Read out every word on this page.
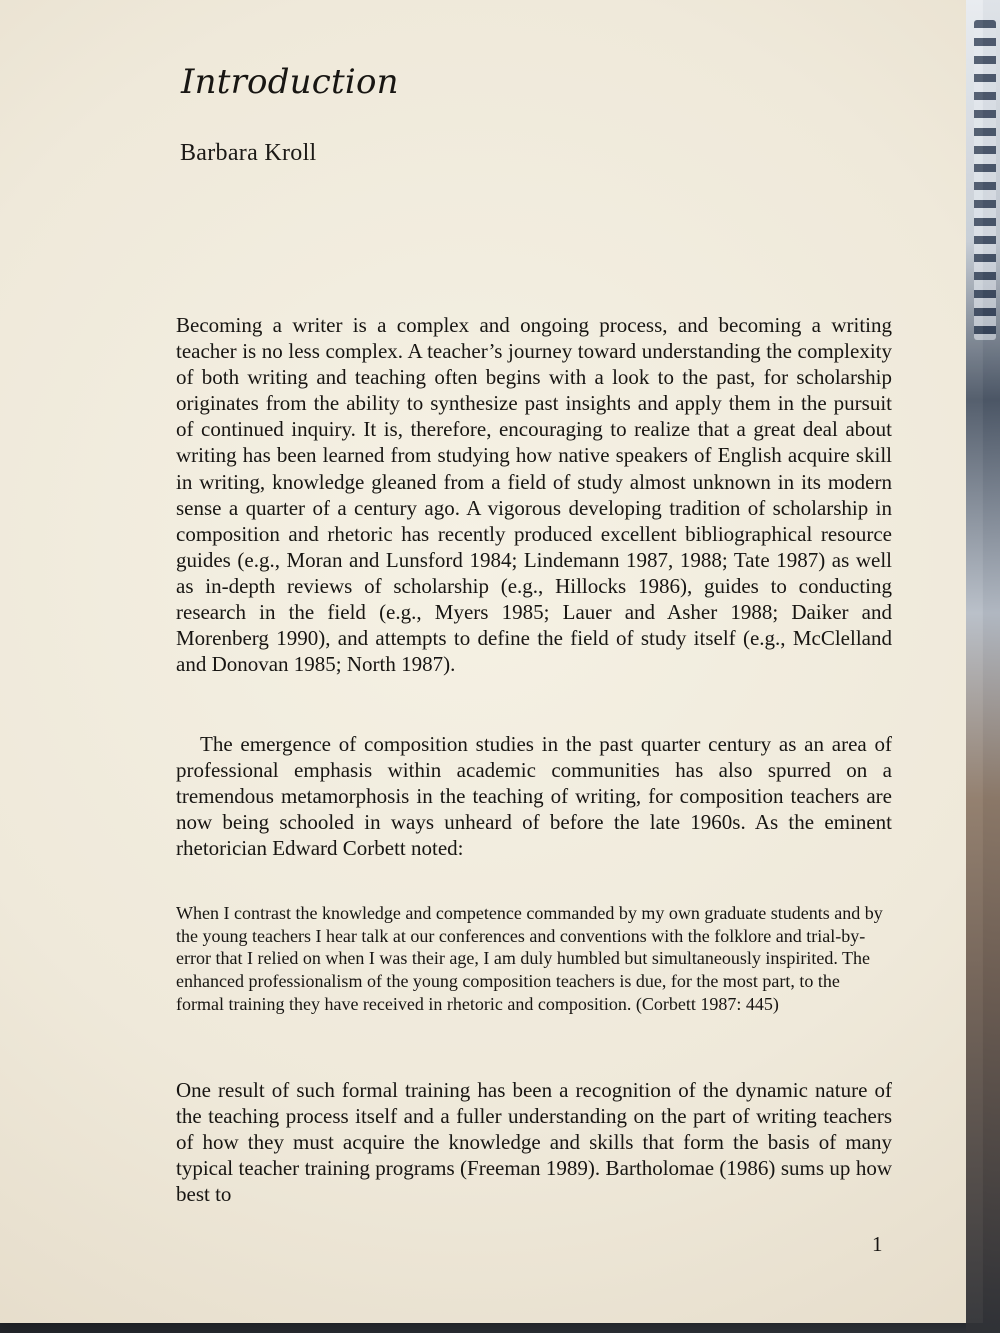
Introduction

Barbara Kroll

Becoming a writer is a complex and ongoing process, and becoming a writing teacher is no less complex. A teacher’s journey toward understanding the complexity of both writing and teaching often begins with a look to the past, for scholarship originates from the ability to synthesize past insights and apply them in the pursuit of continued inquiry. It is, therefore, encouraging to realize that a great deal about writing has been learned from studying how native speakers of English acquire skill in writing, knowledge gleaned from a field of study almost unknown in its modern sense a quarter of a century ago. A vigorous developing tradition of scholarship in composition and rhetoric has recently produced excellent bibliographical resource guides (e.g., Moran and Lunsford 1984; Lindemann 1987, 1988; Tate 1987) as well as in-depth reviews of scholarship (e.g., Hillocks 1986), guides to conducting research in the field (e.g., Myers 1985; Lauer and Asher 1988; Daiker and Morenberg 1990), and attempts to define the field of study itself (e.g., McClelland and Donovan 1985; North 1987).

The emergence of composition studies in the past quarter century as an area of professional emphasis within academic communities has also spurred on a tremendous metamorphosis in the teaching of writing, for composition teachers are now being schooled in ways unheard of before the late 1960s. As the eminent rhetorician Edward Corbett noted:

When I contrast the knowledge and competence commanded by my own graduate students and by the young teachers I hear talk at our conferences and conventions with the folklore and trial-by-error that I relied on when I was their age, I am duly humbled but simultaneously inspirited. The enhanced professionalism of the young composition teachers is due, for the most part, to the formal training they have received in rhetoric and composition. (Corbett 1987: 445)

One result of such formal training has been a recognition of the dynamic nature of the teaching process itself and a fuller understanding on the part of writing teachers of how they must acquire the knowledge and skills that form the basis of many typical teacher training programs (Freeman 1989). Bartholomae (1986) sums up how best to

1
